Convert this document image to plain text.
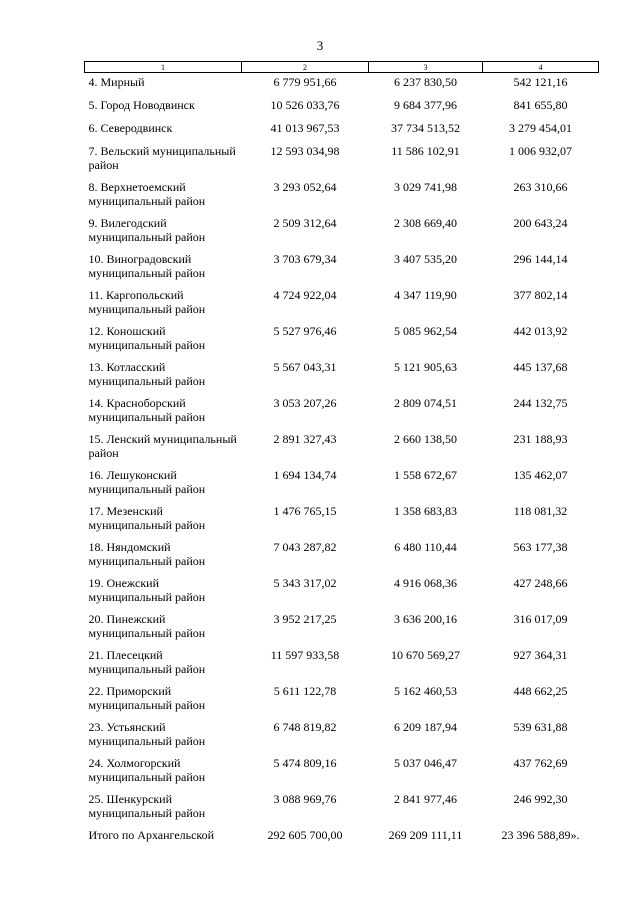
3
1	2	3	4
4. Мирный	6 779 951,66	6 237 830,50	542 121,16
5. Город Новодвинск	10 526 033,76	9 684 377,96	841 655,80
6. Северодвинск	41 013 967,53	37 734 513,52	3 279 454,01
7. Вельский муниципальный район	12 593 034,98	11 586 102,91	1 006 932,07
8. Верхнетоемский муниципальный район	3 293 052,64	3 029 741,98	263 310,66
9. Вилегодский муниципальный район	2 509 312,64	2 308 669,40	200 643,24
10. Виноградовский муниципальный район	3 703 679,34	3 407 535,20	296 144,14
11. Каргопольский муниципальный район	4 724 922,04	4 347 119,90	377 802,14
12. Коношский муниципальный район	5 527 976,46	5 085 962,54	442 013,92
13. Котласский муниципальный район	5 567 043,31	5 121 905,63	445 137,68
14. Красноборский муниципальный район	3 053 207,26	2 809 074,51	244 132,75
15. Ленский муниципальный район	2 891 327,43	2 660 138,50	231 188,93
16. Лешуконский муниципальный район	1 694 134,74	1 558 672,67	135 462,07
17. Мезенский муниципальный район	1 476 765,15	1 358 683,83	118 081,32
18. Няндомский муниципальный район	7 043 287,82	6 480 110,44	563 177,38
19. Онежский муниципальный район	5 343 317,02	4 916 068,36	427 248,66
20. Пинежский муниципальный район	3 952 217,25	3 636 200,16	316 017,09
21. Плесецкий муниципальный район	11 597 933,58	10 670 569,27	927 364,31
22. Приморский муниципальный район	5 611 122,78	5 162 460,53	448 662,25
23. Устьянский муниципальный район	6 748 819,82	6 209 187,94	539 631,88
24. Холмогорский муниципальный район	5 474 809,16	5 037 046,47	437 762,69
25. Шенкурский муниципальный район	3 088 969,76	2 841 977,46	246 992,30
Итого по Архангельской	292 605 700,00	269 209 111,11	23 396 588,89».
